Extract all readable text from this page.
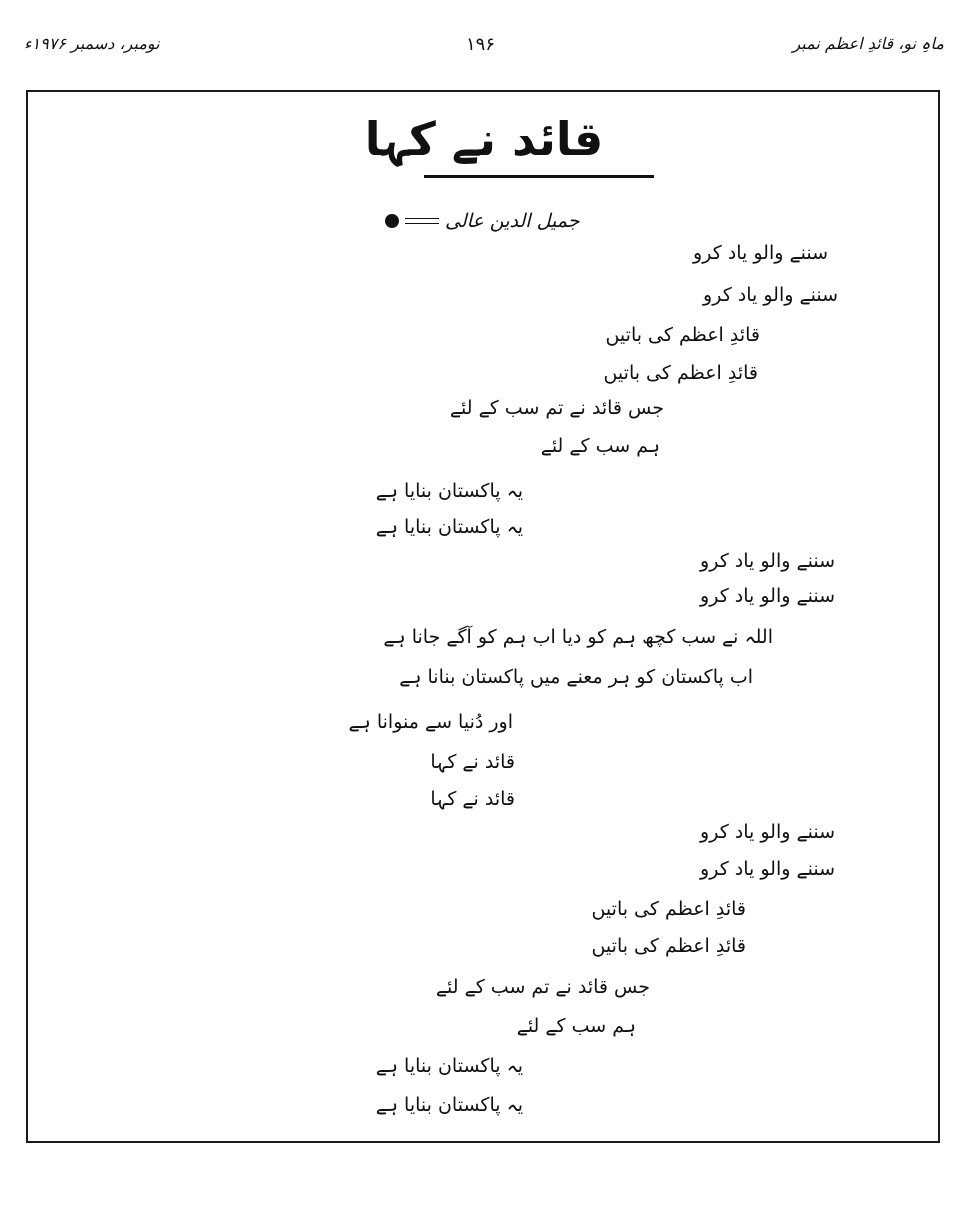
ماہِ نو، قائدِ اعظم نمبر
۱۹۶
نومبر، دسمبر ۱۹۷۶ء
قائد نے کہا
جمیل الدین عالی
سننے والو یاد کرو
سننے والو یاد کرو
قائدِ اعظم کی باتیں
قائدِ اعظم کی باتیں
جس قائد نے تم سب کے لئے
ہم سب کے لئے
یہ پاکستان بنایا ہے
یہ پاکستان بنایا ہے
سننے والو یاد کرو
سننے والو یاد کرو
اللہ نے سب کچھ ہم کو دیا اب ہم کو آگے جانا ہے
اب پاکستان کو ہر معنے میں پاکستان بنانا ہے
اور دُنیا سے منوانا ہے
قائد نے کہا
قائد نے کہا
سننے والو یاد کرو
سننے والو یاد کرو
قائدِ اعظم کی باتیں
قائدِ اعظم کی باتیں
جس قائد نے تم سب کے لئے
ہم سب کے لئے
یہ پاکستان بنایا ہے
یہ پاکستان بنایا ہے
